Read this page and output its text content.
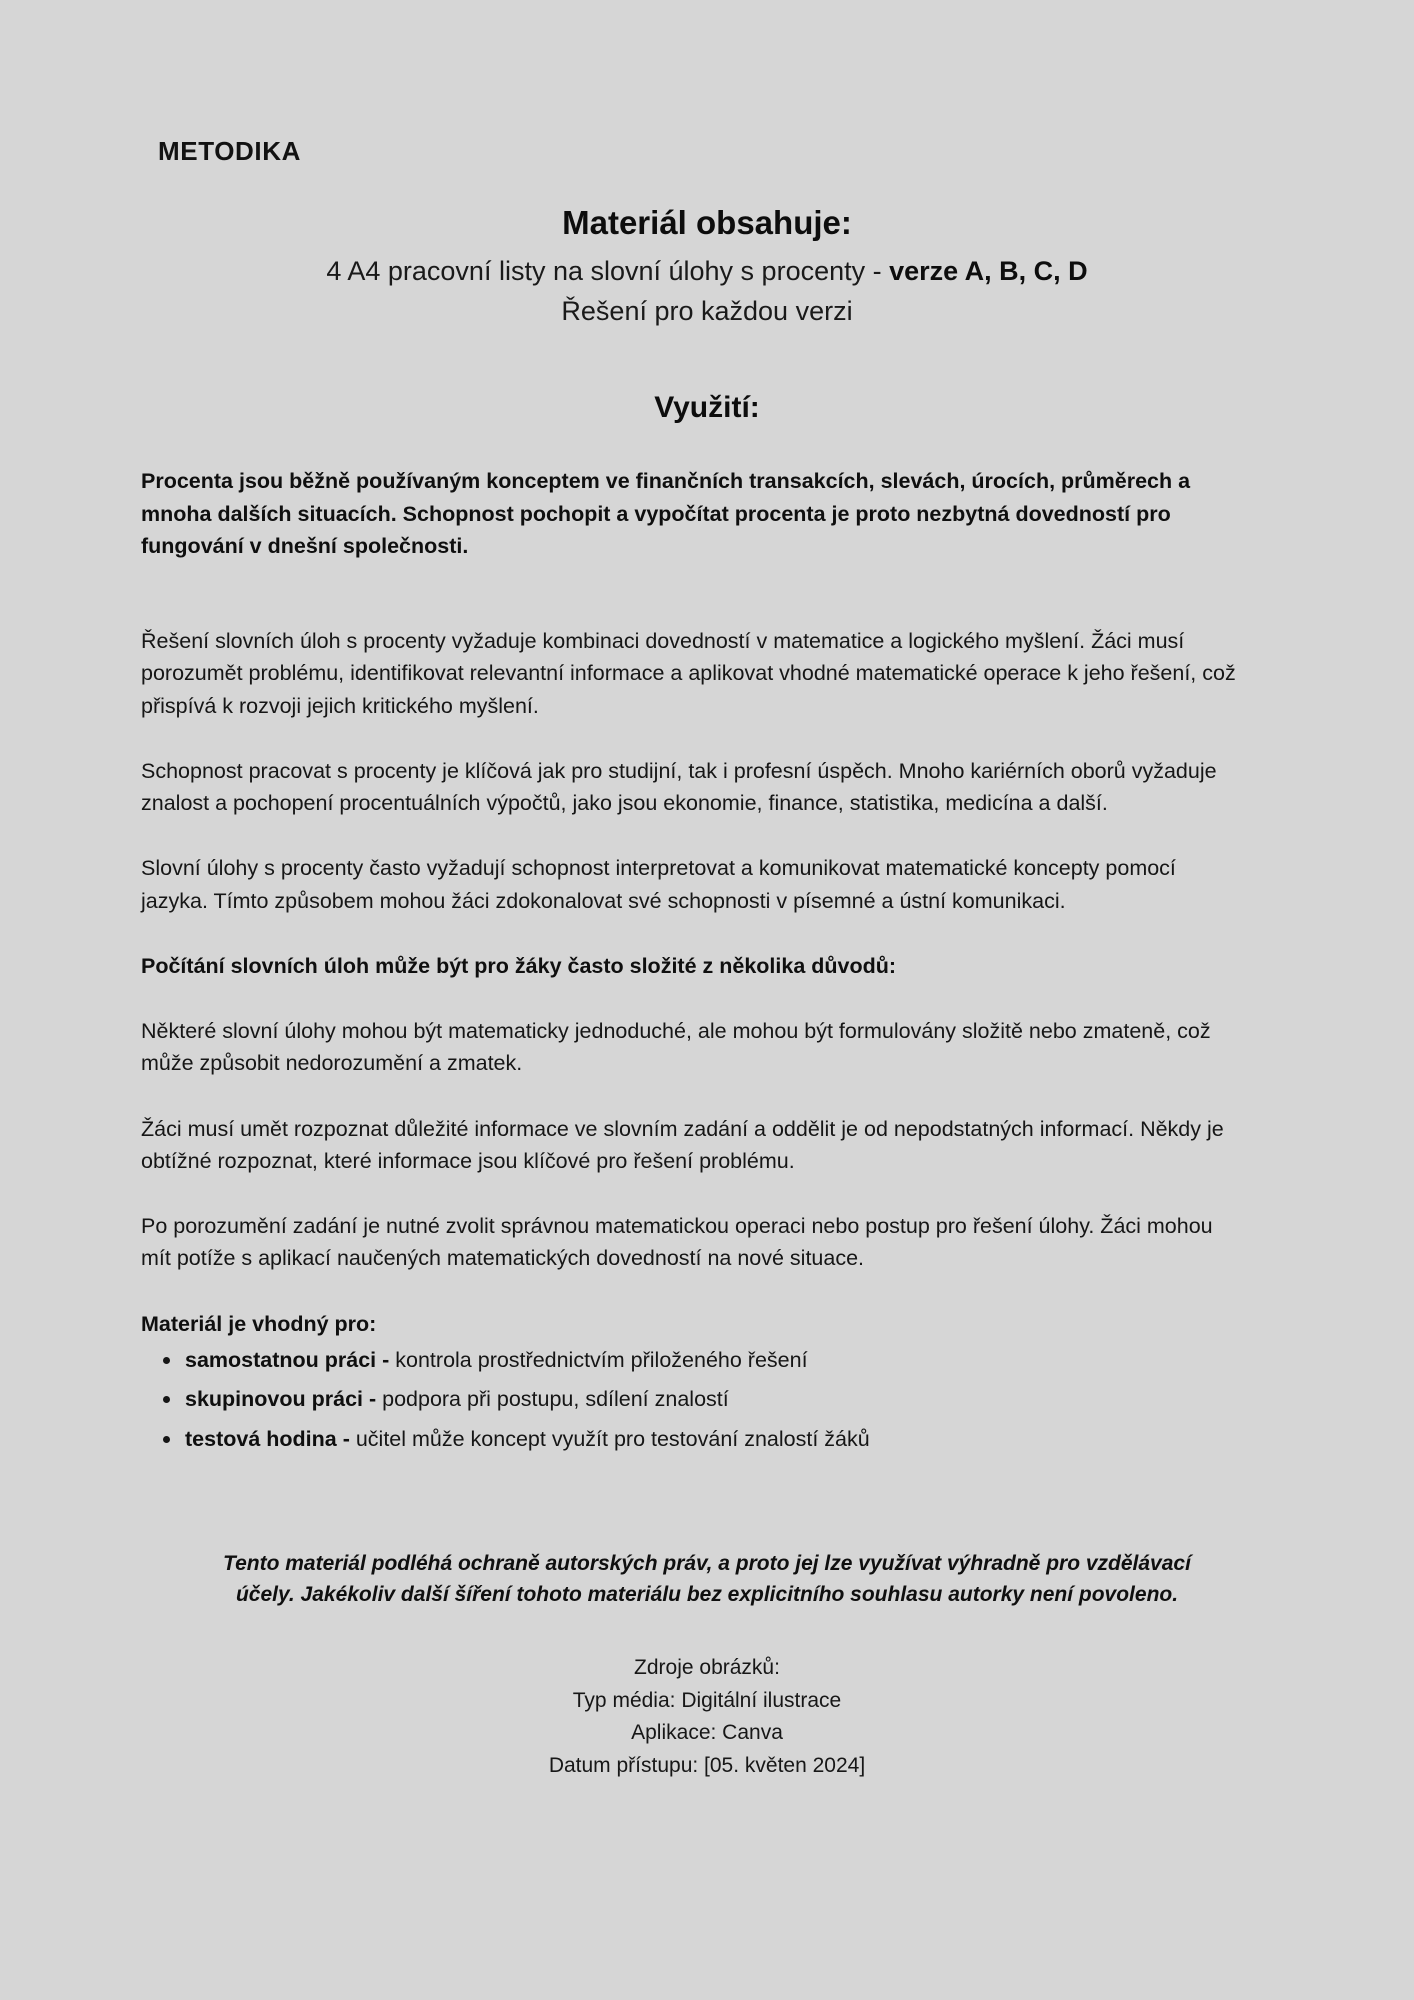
METODIKA
Materiál obsahuje:
4 A4 pracovní listy na slovní úlohy s procenty - verze A, B, C, D
Řešení pro každou verzi
Využití:

Procenta jsou běžně používaným konceptem ve finančních transakcích, slevách, úrocích, průměrech a mnoha dalších situacích. Schopnost pochopit a vypočítat procenta je proto nezbytná dovedností pro fungování v dnešní společnosti.

Řešení slovních úloh s procenty vyžaduje kombinaci dovedností v matematice a logického myšlení. Žáci musí porozumět problému, identifikovat relevantní informace a aplikovat vhodné matematické operace k jeho řešení, což přispívá k rozvoji jejich kritického myšlení.

Schopnost pracovat s procenty je klíčová jak pro studijní, tak i profesní úspěch. Mnoho kariérních oborů vyžaduje znalost a pochopení procentuálních výpočtů, jako jsou ekonomie, finance, statistika, medicína a další.

Slovní úlohy s procenty často vyžadují schopnost interpretovat a komunikovat matematické koncepty pomocí jazyka. Tímto způsobem mohou žáci zdokonalovat své schopnosti v písemné a ústní komunikaci.

Počítání slovních úloh může být pro žáky často složité z několika důvodů:

Některé slovní úlohy mohou být matematicky jednoduché, ale mohou být formulovány složitě nebo zmateně, což může způsobit nedorozumění a zmatek.

Žáci musí umět rozpoznat důležité informace ve slovním zadání a oddělit je od nepodstatných informací. Někdy je obtížné rozpoznat, které informace jsou klíčové pro řešení problému.

Po porozumění zadání je nutné zvolit správnou matematickou operaci nebo postup pro řešení úlohy. Žáci mohou mít potíže s aplikací naučených matematických dovedností na nové situace.

Materiál je vhodný pro:
samostatnou práci - kontrola prostřednictvím přiloženého řešení
skupinovou práci - podpora při postupu, sdílení znalostí
testová hodina - učitel může koncept využít pro testování znalostí žáků
Tento materiál podléhá ochraně autorských práv, a proto jej lze využívat výhradně pro vzdělávací
účely. Jakékoliv další šíření tohoto materiálu bez explicitního souhlasu autorky není povoleno.
Zdroje obrázků:
Typ média: Digitální ilustrace
Aplikace: Canva
Datum přístupu: [05. květen 2024]
